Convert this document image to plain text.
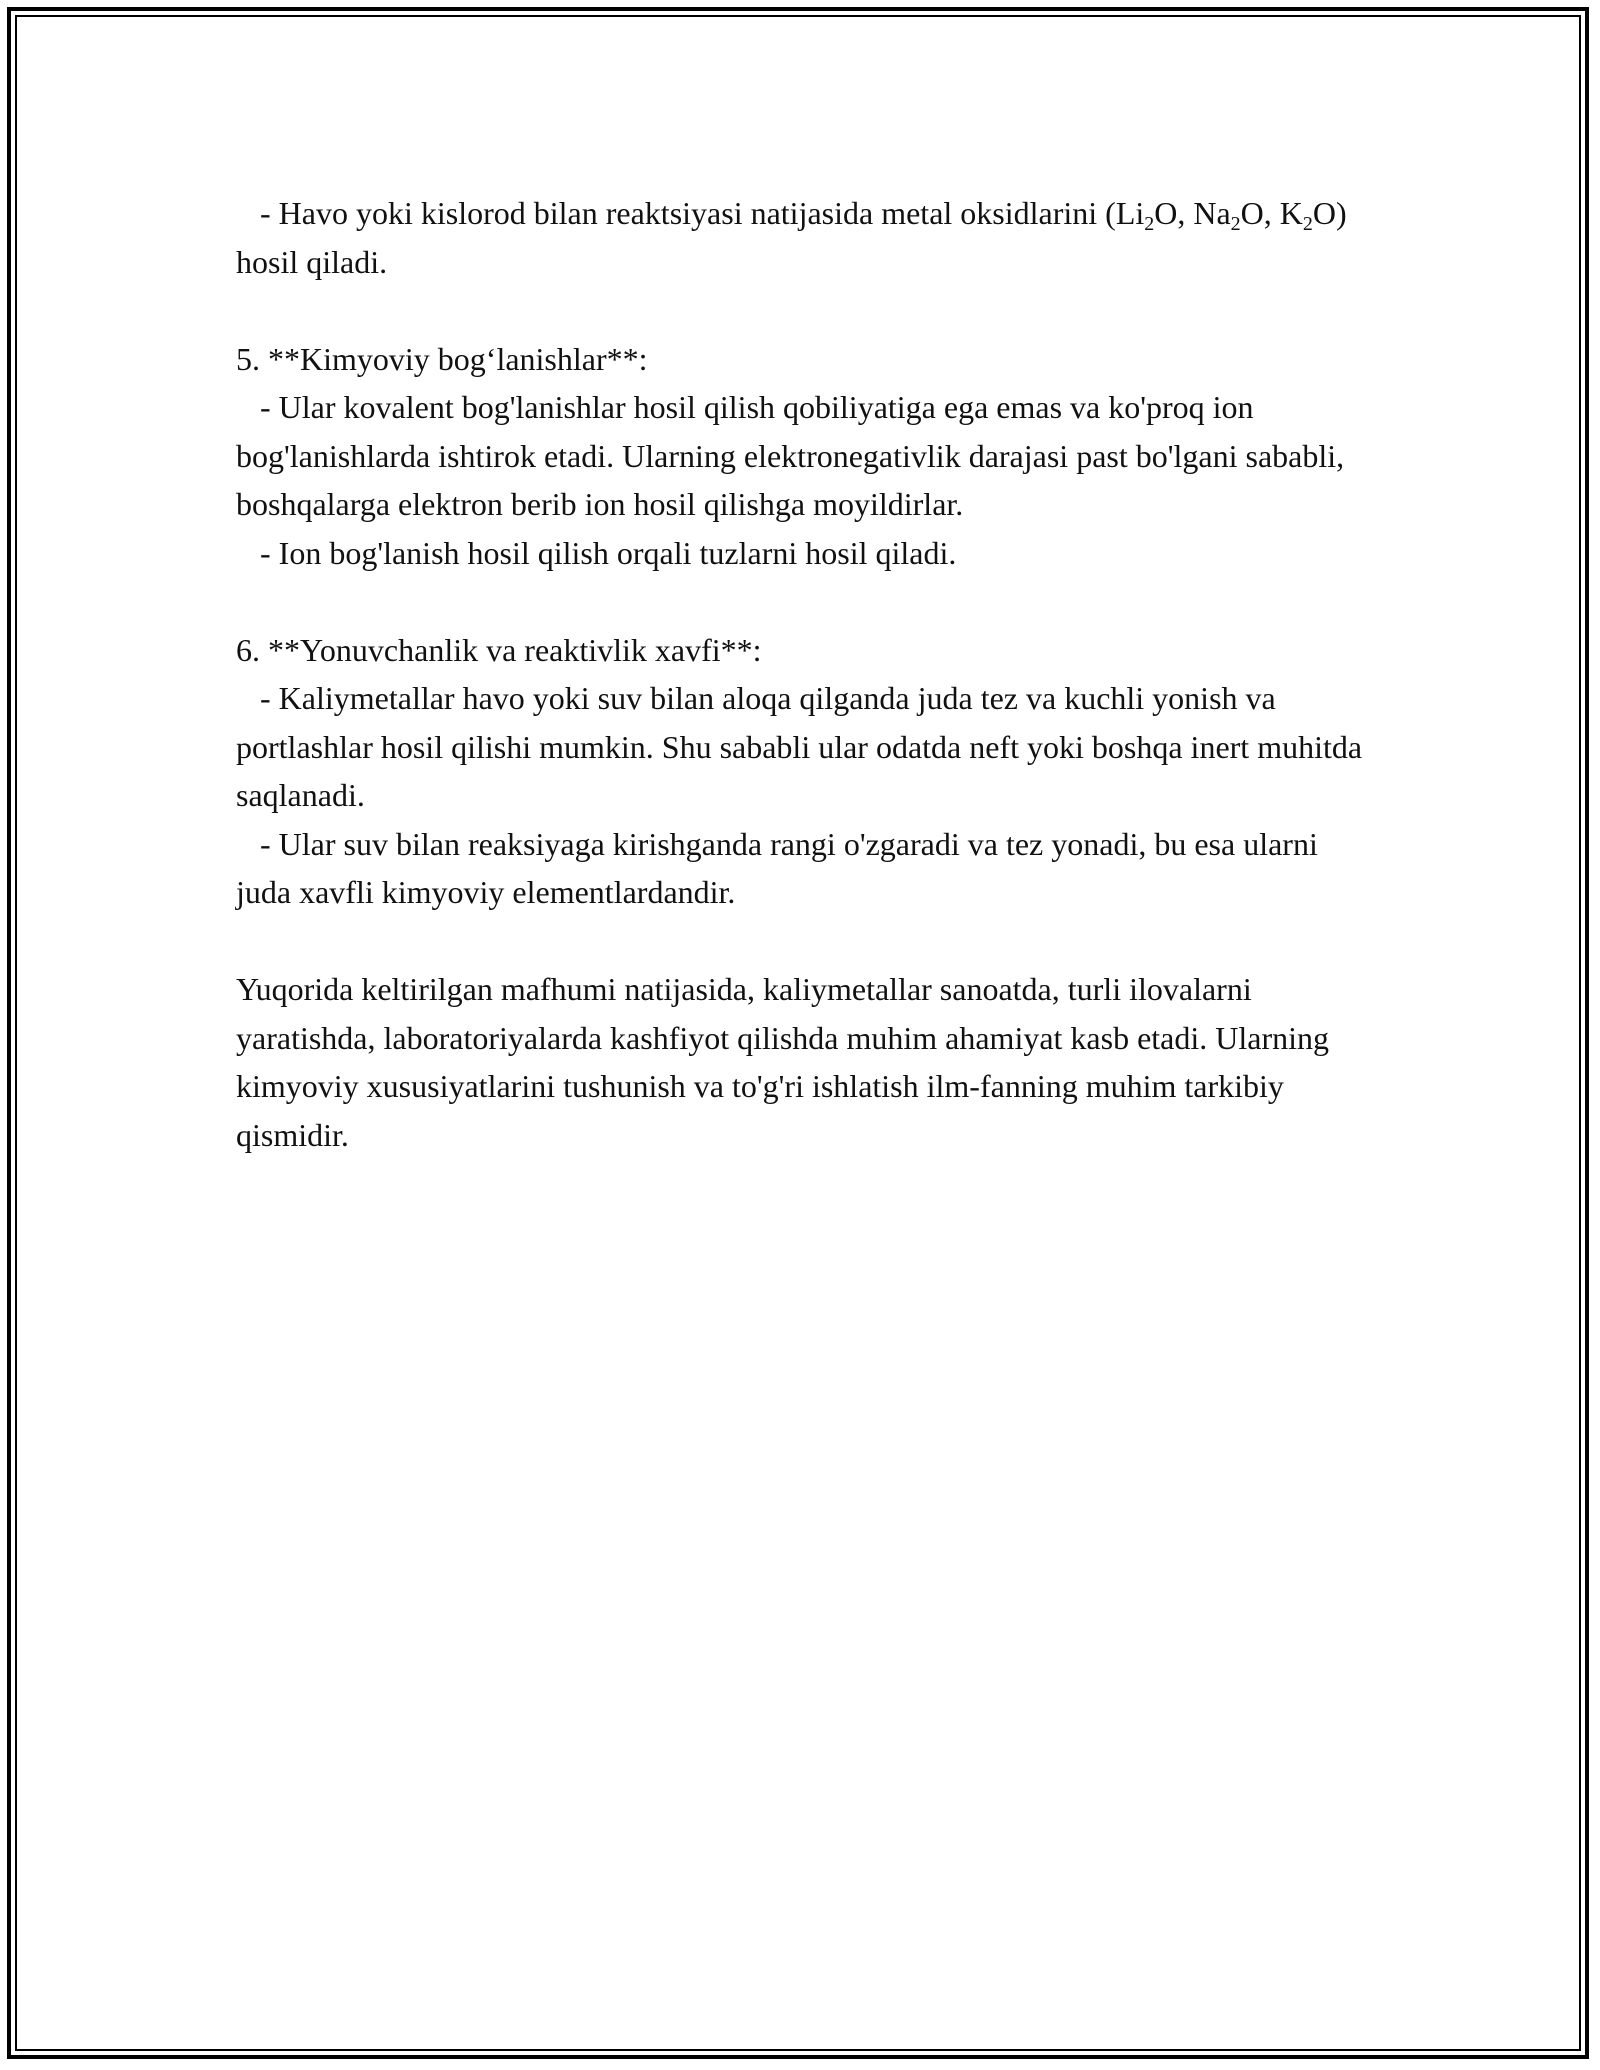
- Havo yoki kislorod bilan reaktsiyasi natijasida metal oksidlarini ($Li_2O$, $Na_2O$, $K_2O$) hosil qiladi.

5. **Kimyoviy bog‘lanishlar**:

- Ular kovalent bog'lanishlar hosil qilish qobiliyatiga ega emas va ko'proq ion bog'lanishlarda ishtirok etadi. Ularning elektronegativlik darajasi past bo'lgani sababli, boshqalarga elektron berib ion hosil qilishga moyildirlar.

- Ion bog'lanish hosil qilish orqali tuzlarni hosil qiladi.

6. **Yonuvchanlik va reaktivlik xavfi**:

- Kaliymetallar havo yoki suv bilan aloqa qilganda juda tez va kuchli yonish va portlashlar hosil qilishi mumkin. Shu sababli ular odatda neft yoki boshqa inert muhitda saqlanadi.

- Ular suv bilan reaksiyaga kirishganda rangi o'zgaradi va tez yonadi, bu esa ularni juda xavfli kimyoviy elementlardandir.

Yuqorida keltirilgan mafhumi natijasida, kaliymetallar sanoatda, turli ilovalarni yaratishda, laboratoriyalarda kashfiyot qilishda muhim ahamiyat kasb etadi. Ularning kimyoviy xususiyatlarini tushunish va to'g'ri ishlatish ilm-fanning muhim tarkibiy qismidir.
